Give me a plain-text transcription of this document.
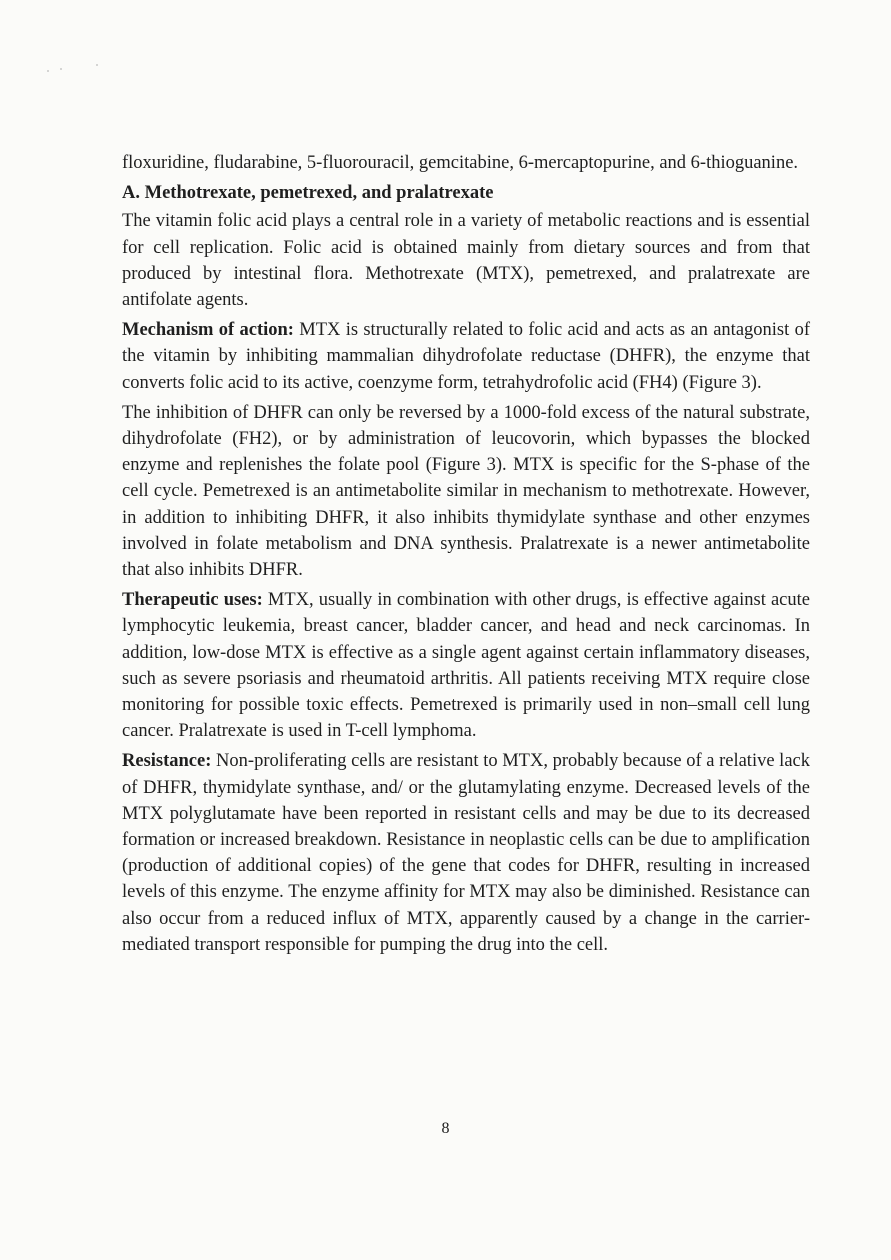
floxuridine, fludarabine, 5-fluorouracil, gemcitabine, 6-mercaptopurine, and 6-thioguanine.

A. Methotrexate, pemetrexed, and pralatrexate

The vitamin folic acid plays a central role in a variety of metabolic reactions and is essential for cell replication. Folic acid is obtained mainly from dietary sources and from that produced by intestinal flora. Methotrexate (MTX), pemetrexed, and pralatrexate are antifolate agents.

Mechanism of action: MTX is structurally related to folic acid and acts as an antagonist of the vitamin by inhibiting mammalian dihydrofolate reductase (DHFR), the enzyme that converts folic acid to its active, coenzyme form, tetrahydrofolic acid (FH4) (Figure 3).

The inhibition of DHFR can only be reversed by a 1000-fold excess of the natural substrate, dihydrofolate (FH2), or by administration of leucovorin, which bypasses the blocked enzyme and replenishes the folate pool (Figure 3). MTX is specific for the S-phase of the cell cycle. Pemetrexed is an antimetabolite similar in mechanism to methotrexate. However, in addition to inhibiting DHFR, it also inhibits thymidylate synthase and other enzymes involved in folate metabolism and DNA synthesis. Pralatrexate is a newer antimetabolite that also inhibits DHFR.

Therapeutic uses: MTX, usually in combination with other drugs, is effective against acute lymphocytic leukemia, breast cancer, bladder cancer, and head and neck carcinomas. In addition, low-dose MTX is effective as a single agent against certain inflammatory diseases, such as severe psoriasis and rheumatoid arthritis. All patients receiving MTX require close monitoring for possible toxic effects. Pemetrexed is primarily used in non–small cell lung cancer. Pralatrexate is used in T-cell lymphoma.

Resistance: Non-proliferating cells are resistant to MTX, probably because of a relative lack of DHFR, thymidylate synthase, and/ or the glutamylating enzyme. Decreased levels of the MTX polyglutamate have been reported in resistant cells and may be due to its decreased formation or increased breakdown. Resistance in neoplastic cells can be due to amplification (production of additional copies) of the gene that codes for DHFR, resulting in increased levels of this enzyme. The enzyme affinity for MTX may also be diminished. Resistance can also occur from a reduced influx of MTX, apparently caused by a change in the carrier-mediated transport responsible for pumping the drug into the cell.

8
